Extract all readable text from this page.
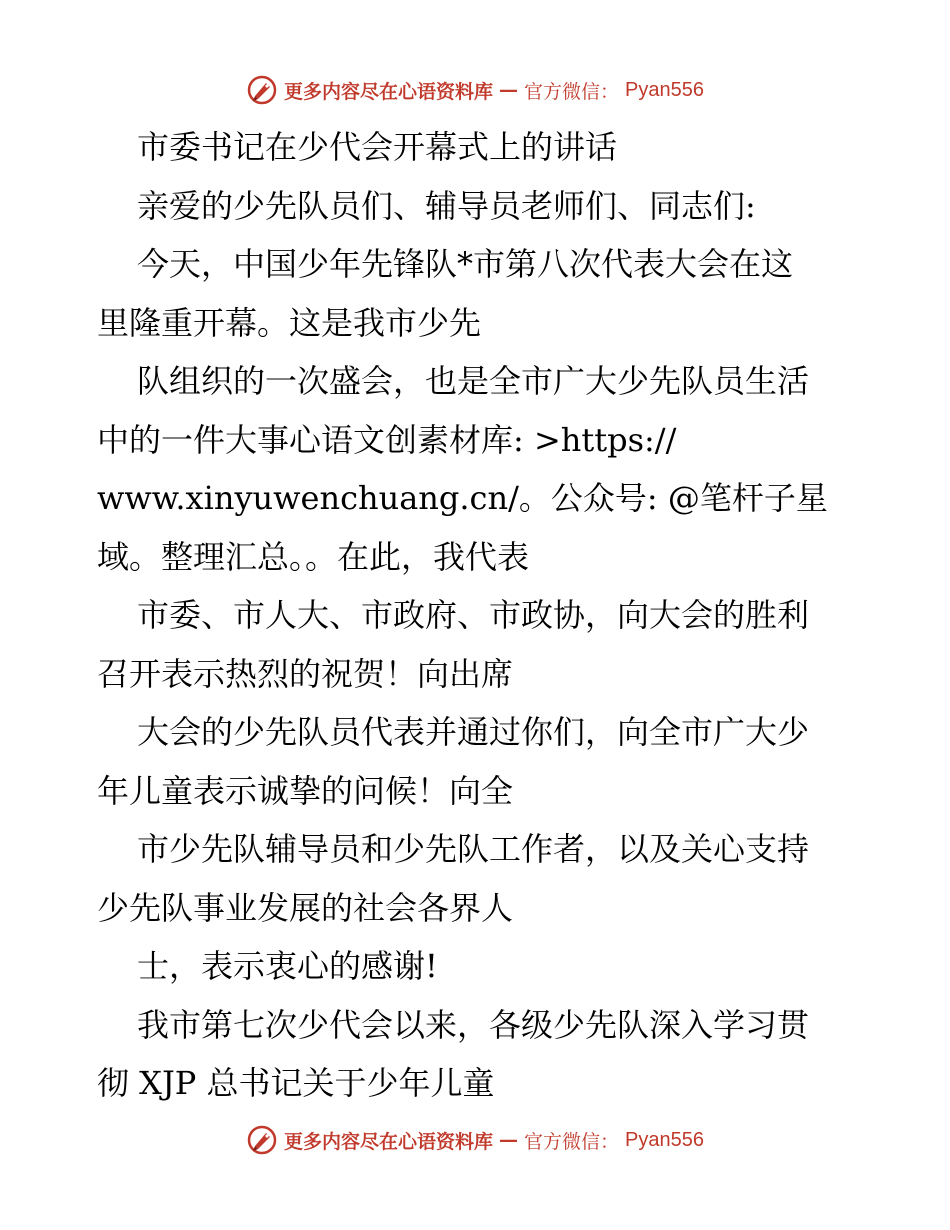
更多内容尽在心语资料库 — 官方微信： Pyan556
市委书记在少代会开幕式上的讲话
亲爱的少先队员们、辅导员老师们、同志们:
今天，中国少年先锋队*市第八次代表大会在这
里隆重开幕。这是我市少先
队组织的一次盛会，也是全市广大少先队员生活
中的一件大事心语文创素材库: >https://
www.xinyuwenchuang.cn/。公众号: @笔杆子星
域。整理汇总。。在此，我代表
市委、市人大、市政府、市政协，向大会的胜利
召开表示热烈的祝贺！向出席
大会的少先队员代表并通过你们，向全市广大少
年儿童表示诚挚的问候！向全
市少先队辅导员和少先队工作者，以及关心支持
少先队事业发展的社会各界人
士，表示衷心的感谢!
我市第七次少代会以来，各级少先队深入学习贯
彻 XJP 总书记关于少年儿童
更多内容尽在心语资料库 — 官方微信： Pyan556
